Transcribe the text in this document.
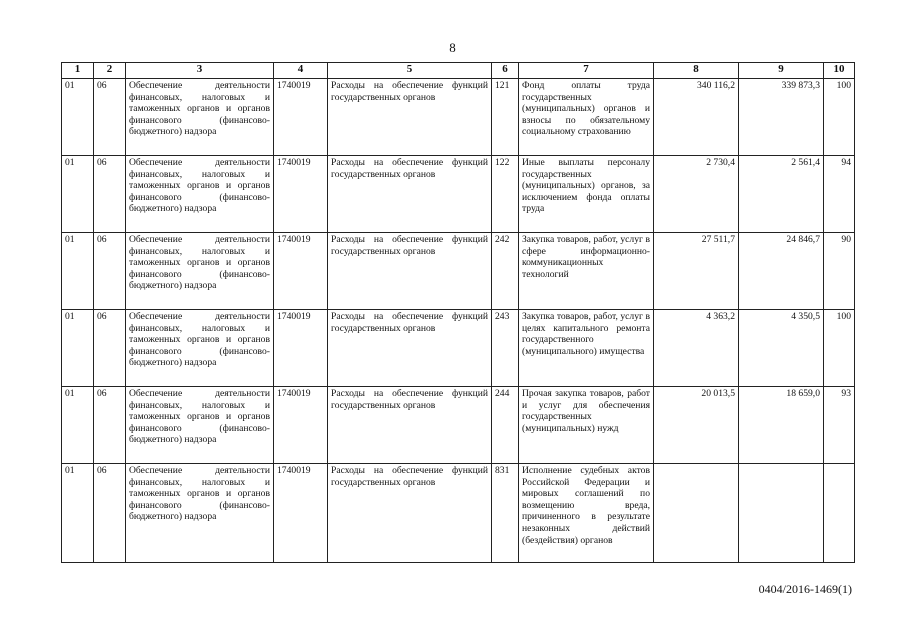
8
1	2	3	4	5	6	7	8	9	10
01	06	Обеспечение деятельности финансовых, налоговых и таможенных органов и органов финансового (финансово-бюджетного) надзора	1740019	Расходы на обеспечение функций государственных органов	121	Фонд оплаты труда государственных (муниципальных) органов и взносы по обязательному социальному страхованию	340 116,2	339 873,3	100
01	06	Обеспечение деятельности финансовых, налоговых и таможенных органов и органов финансового (финансово-бюджетного) надзора	1740019	Расходы на обеспечение функций государственных органов	122	Иные выплаты персоналу государственных (муниципальных) органов, за исключением фонда оплаты труда	2 730,4	2 561,4	94
01	06	Обеспечение деятельности финансовых, налоговых и таможенных органов и органов финансового (финансово-бюджетного) надзора	1740019	Расходы на обеспечение функций государственных органов	242	Закупка товаров, работ, услуг в сфере информационно-коммуникационных технологий	27 511,7	24 846,7	90
01	06	Обеспечение деятельности финансовых, налоговых и таможенных органов и органов финансового (финансово-бюджетного) надзора	1740019	Расходы на обеспечение функций государственных органов	243	Закупка товаров, работ, услуг в целях капитального ремонта государственного (муниципального) имущества	4 363,2	4 350,5	100
01	06	Обеспечение деятельности финансовых, налоговых и таможенных органов и органов финансового (финансово-бюджетного) надзора	1740019	Расходы на обеспечение функций государственных органов	244	Прочая закупка товаров, работ и услуг для обеспечения государственных (муниципальных) нужд	20 013,5	18 659,0	93
01	06	Обеспечение деятельности финансовых, налоговых и таможенных органов и органов финансового (финансово-бюджетного) надзора	1740019	Расходы на обеспечение функций государственных органов	831	Исполнение судебных актов Российской Федерации и мировых соглашений по возмещению вреда, причиненного в результате незаконных действий (бездействия) органов			
0404/2016-1469(1)
